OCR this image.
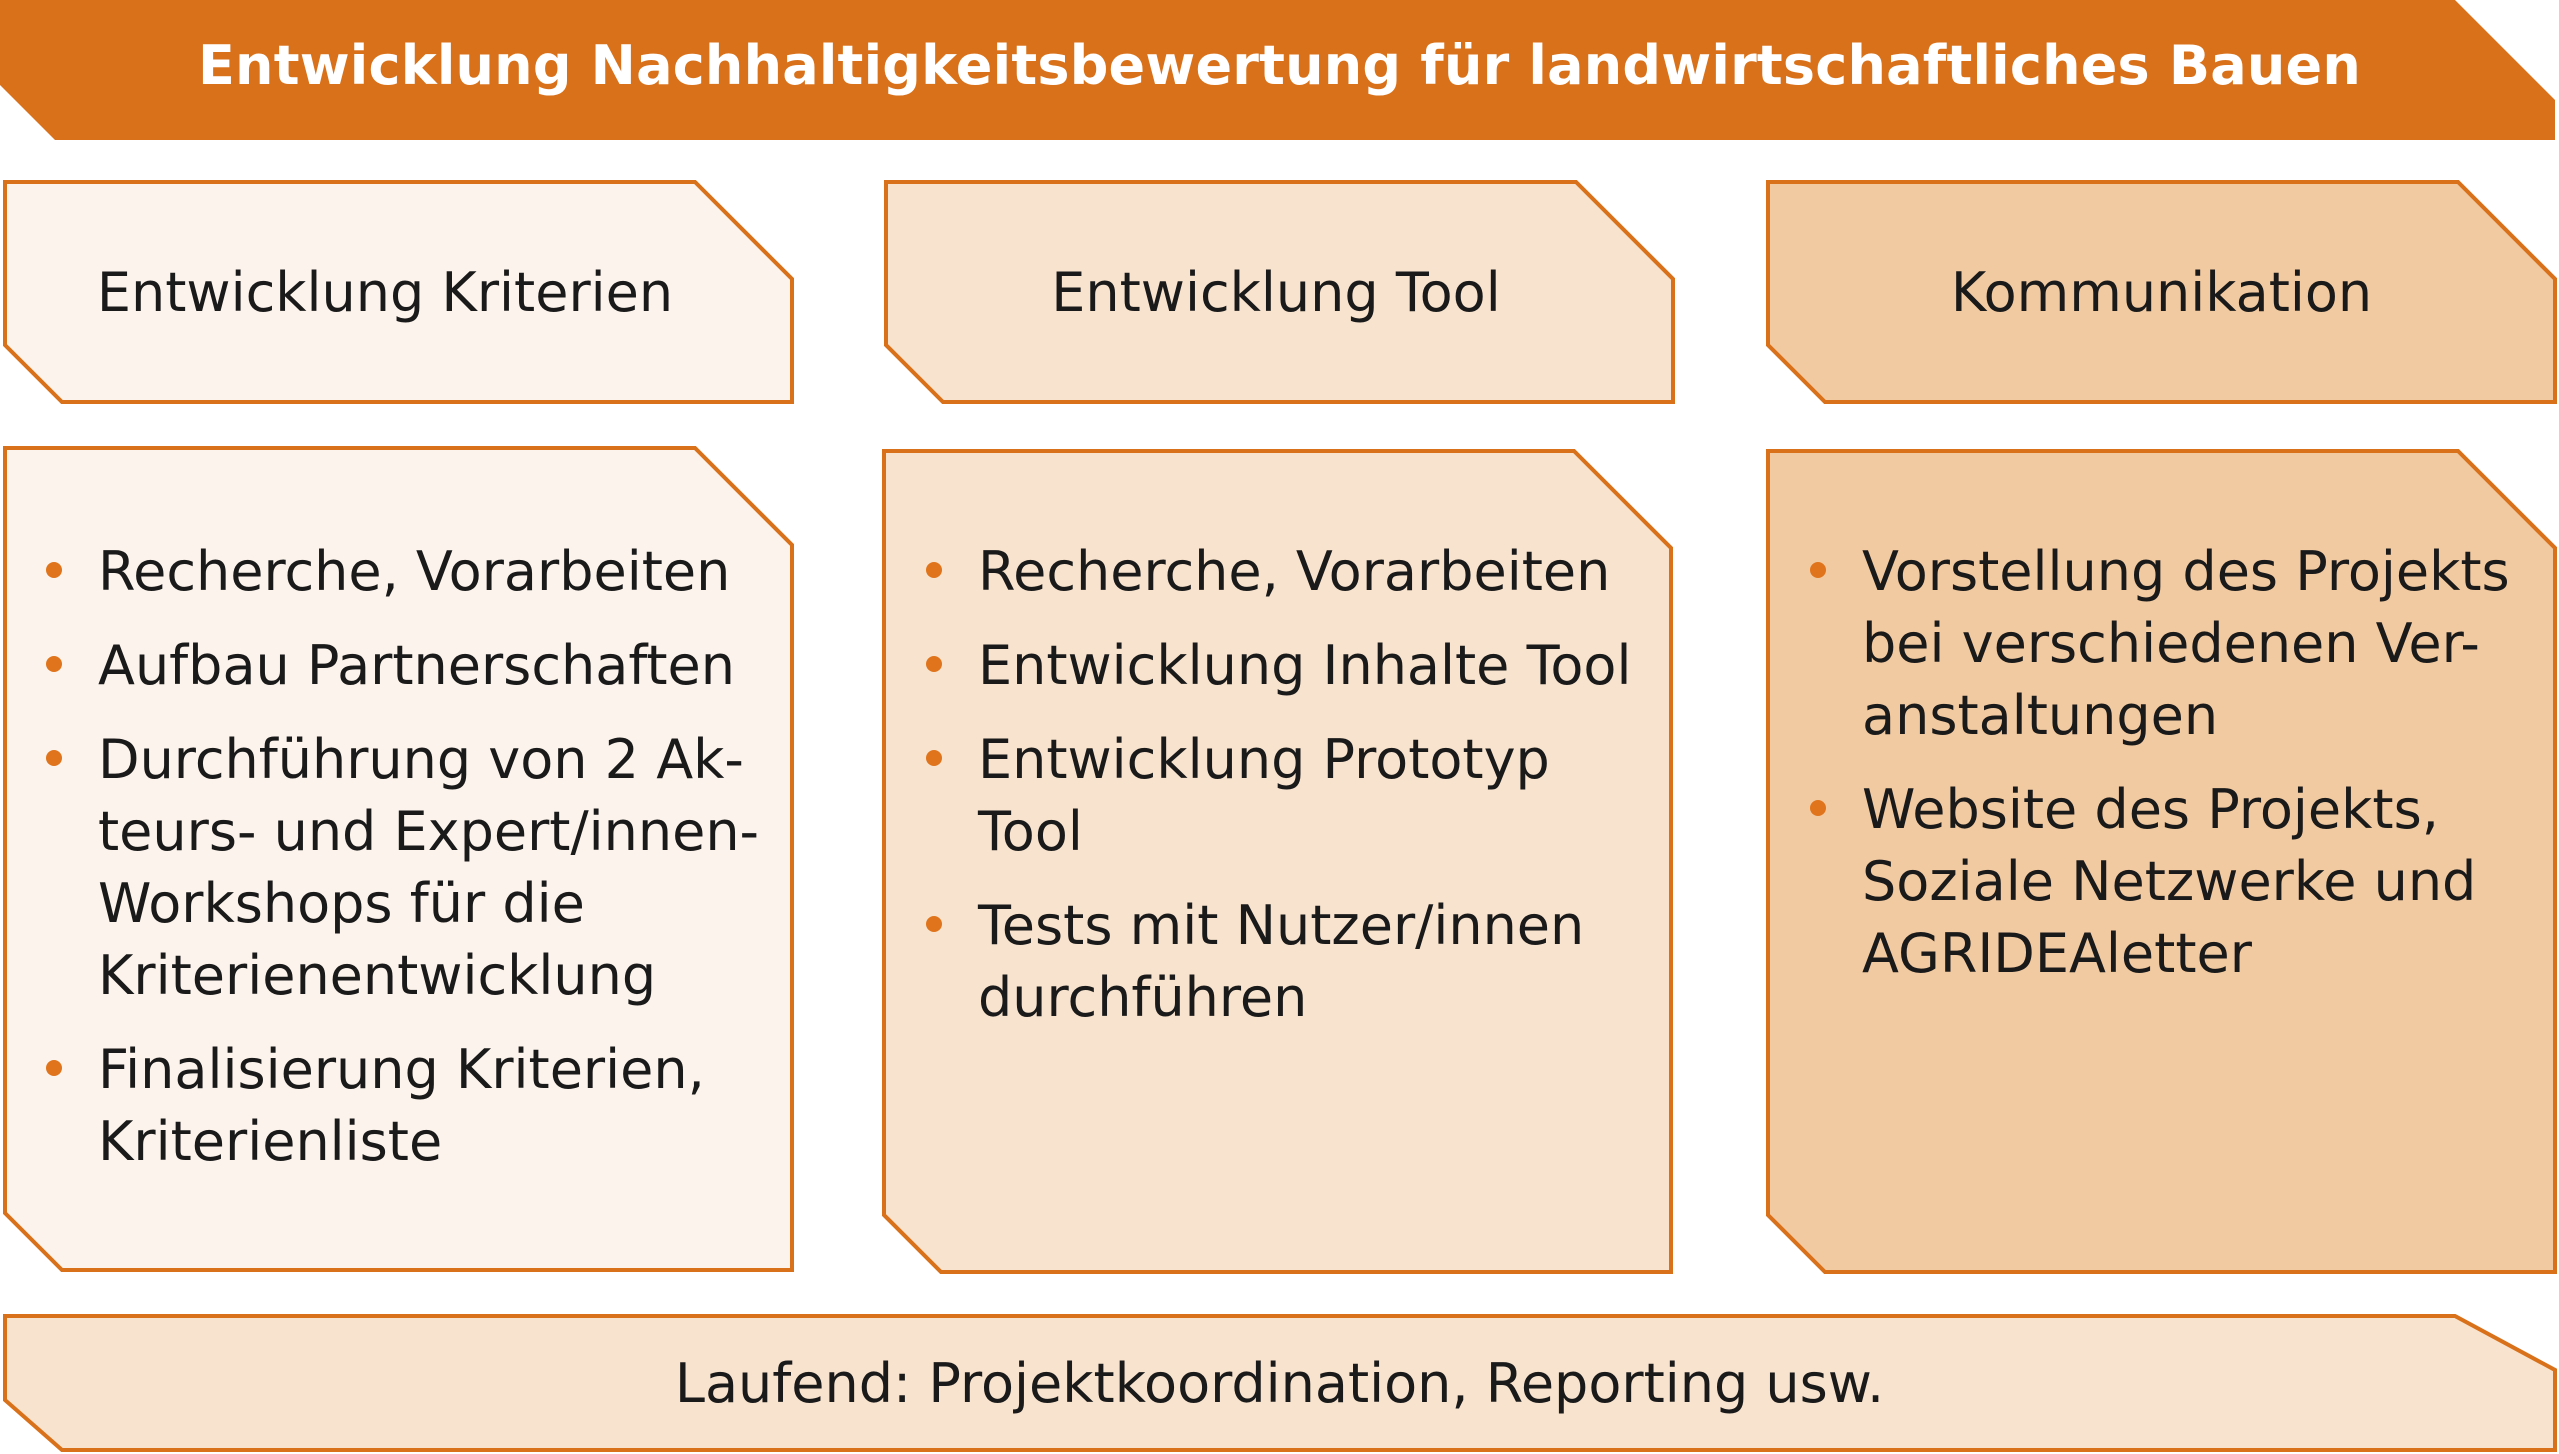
Entwicklung Nachhaltigkeitsbewertung für landwirtschaftliches Bauen
Entwicklung Kriterien	Entwicklung Tool	Kommunikation
Recherche, Vorarbeiten
Aufbau Partnerschaften
Durchführung von 2 Ak-
teurs- und Expert/innen-
Workshops für die
Kriterienentwicklung
Finalisierung Kriterien,
Kriterienliste
Recherche, Vorarbeiten
Entwicklung Inhalte Tool
Entwicklung Prototyp
Tool
Tests mit Nutzer/innen
durchführen
Vorstellung des Projekts
bei verschiedenen Ver-
anstaltungen
Website des Projekts,
Soziale Netzwerke und
AGRIDEAletter
Laufend: Projektkoordination, Reporting usw.
